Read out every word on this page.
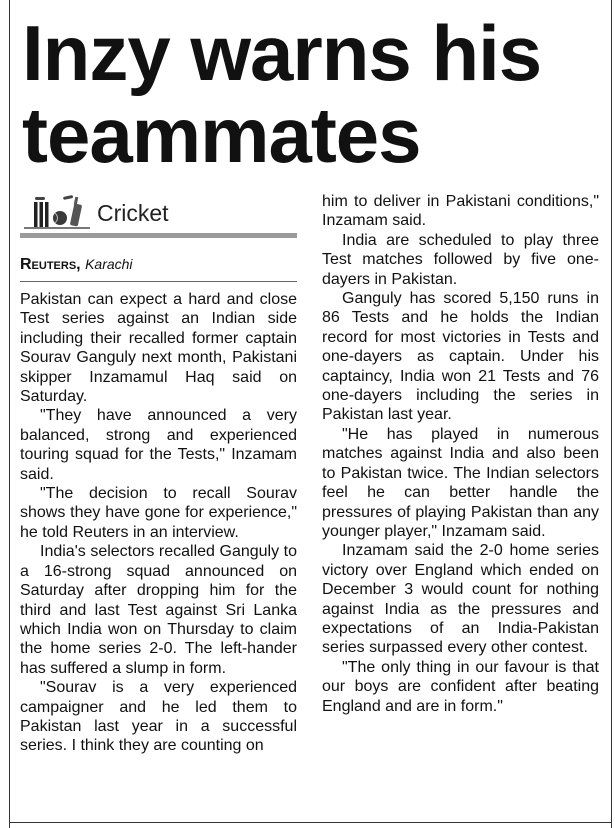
Inzy warns his teammates
Cricket
Reuters, Karachi

Pakistan can expect a hard and close Test series against an Indian side including their recalled former captain Sourav Ganguly next month, Pakistani skipper Inzamamul Haq said on Saturday.

"They have announced a very balanced, strong and experienced touring squad for the Tests," Inzamam said.

"The decision to recall Sourav shows they have gone for experience," he told Reuters in an interview.

India's selectors recalled Ganguly to a 16-strong squad announced on Saturday after dropping him for the third and last Test against Sri Lanka which India won on Thursday to claim the home series 2-0. The left-hander has suffered a slump in form.

"Sourav is a very experienced campaigner and he led them to Pakistan last year in a successful series. I think they are counting on

him to deliver in Pakistani conditions," Inzamam said.

India are scheduled to play three Test matches followed by five one-dayers in Pakistan.

Ganguly has scored 5,150 runs in 86 Tests and he holds the Indian record for most victories in Tests and one-dayers as captain. Under his captaincy, India won 21 Tests and 76 one-dayers including the series in Pakistan last year.

"He has played in numerous matches against India and also been to Pakistan twice. The Indian selectors feel he can better handle the pressures of playing Pakistan than any younger player," Inzamam said.

Inzamam said the 2-0 home series victory over England which ended on December 3 would count for nothing against India as the pressures and expectations of an India-Pakistan series surpassed every other contest.

"The only thing in our favour is that our boys are confident after beating England and are in form."
